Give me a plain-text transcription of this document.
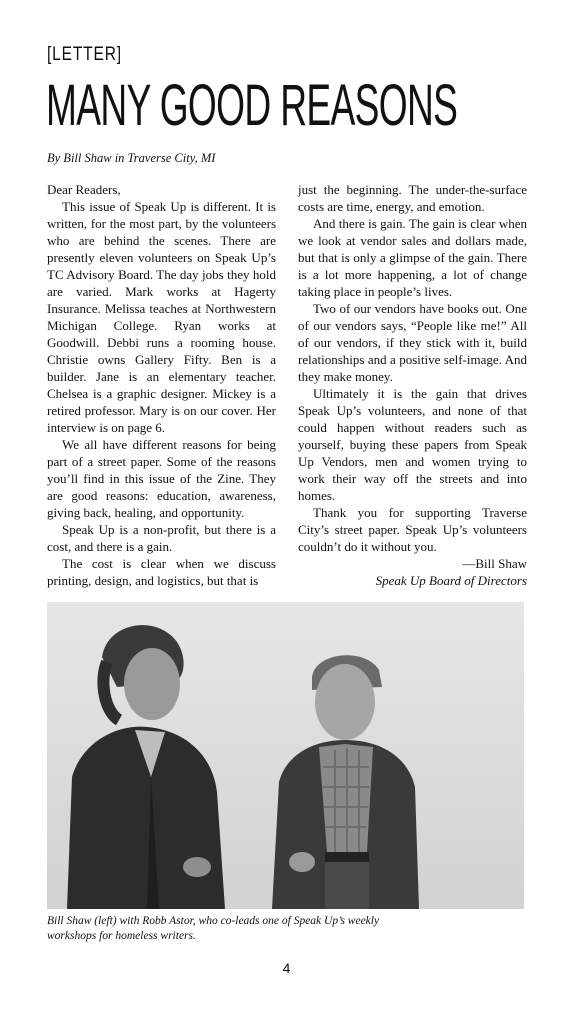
[LETTER]
MANY GOOD REASONS
By Bill Shaw in Traverse City, MI

Dear Readers,

This issue of Speak Up is different. It is written, for the most part, by the volunteers who are behind the scenes. There are presently eleven volunteers on Speak Up’s TC Advisory Board. The day jobs they hold are varied. Mark works at Hagerty Insurance. Melissa teaches at Northwestern Michigan College. Ryan works at Goodwill. Debbi runs a rooming house. Christie owns Gallery Fifty. Ben is a builder. Jane is an elementary teacher. Chelsea is a graphic designer. Mickey is a retired professor. Mary is on our cover. Her interview is on page 6.

We all have different reasons for being part of a street paper. Some of the reasons you’ll find in this issue of the Zine. They are good reasons: education, awareness, giving back, healing, and opportunity.

Speak Up is a non-profit, but there is a cost, and there is a gain.

The cost is clear when we discuss printing, design, and logistics, but that is

just the beginning. The under-the-surface costs are time, energy, and emotion.

And there is gain. The gain is clear when we look at vendor sales and dollars made, but that is only a glimpse of the gain. There is a lot more happening, a lot of change taking place in people’s lives.

Two of our vendors have books out. One of our vendors says, “People like me!” All of our vendors, if they stick with it, build relationships and a positive self-image. And they make money.

Ultimately it is the gain that drives Speak Up’s volunteers, and none of that could happen without readers such as yourself, buying these papers from Speak Up Vendors, men and women trying to work their way off the streets and into homes.

Thank you for supporting Traverse City’s street paper. Speak Up’s volunteers couldn’t do it without you.

—Bill Shaw

Speak Up Board of Directors

Bill Shaw (left) with Robb Astor, who co-leads one of Speak Up’s weekly workshops for homeless writers.
4
